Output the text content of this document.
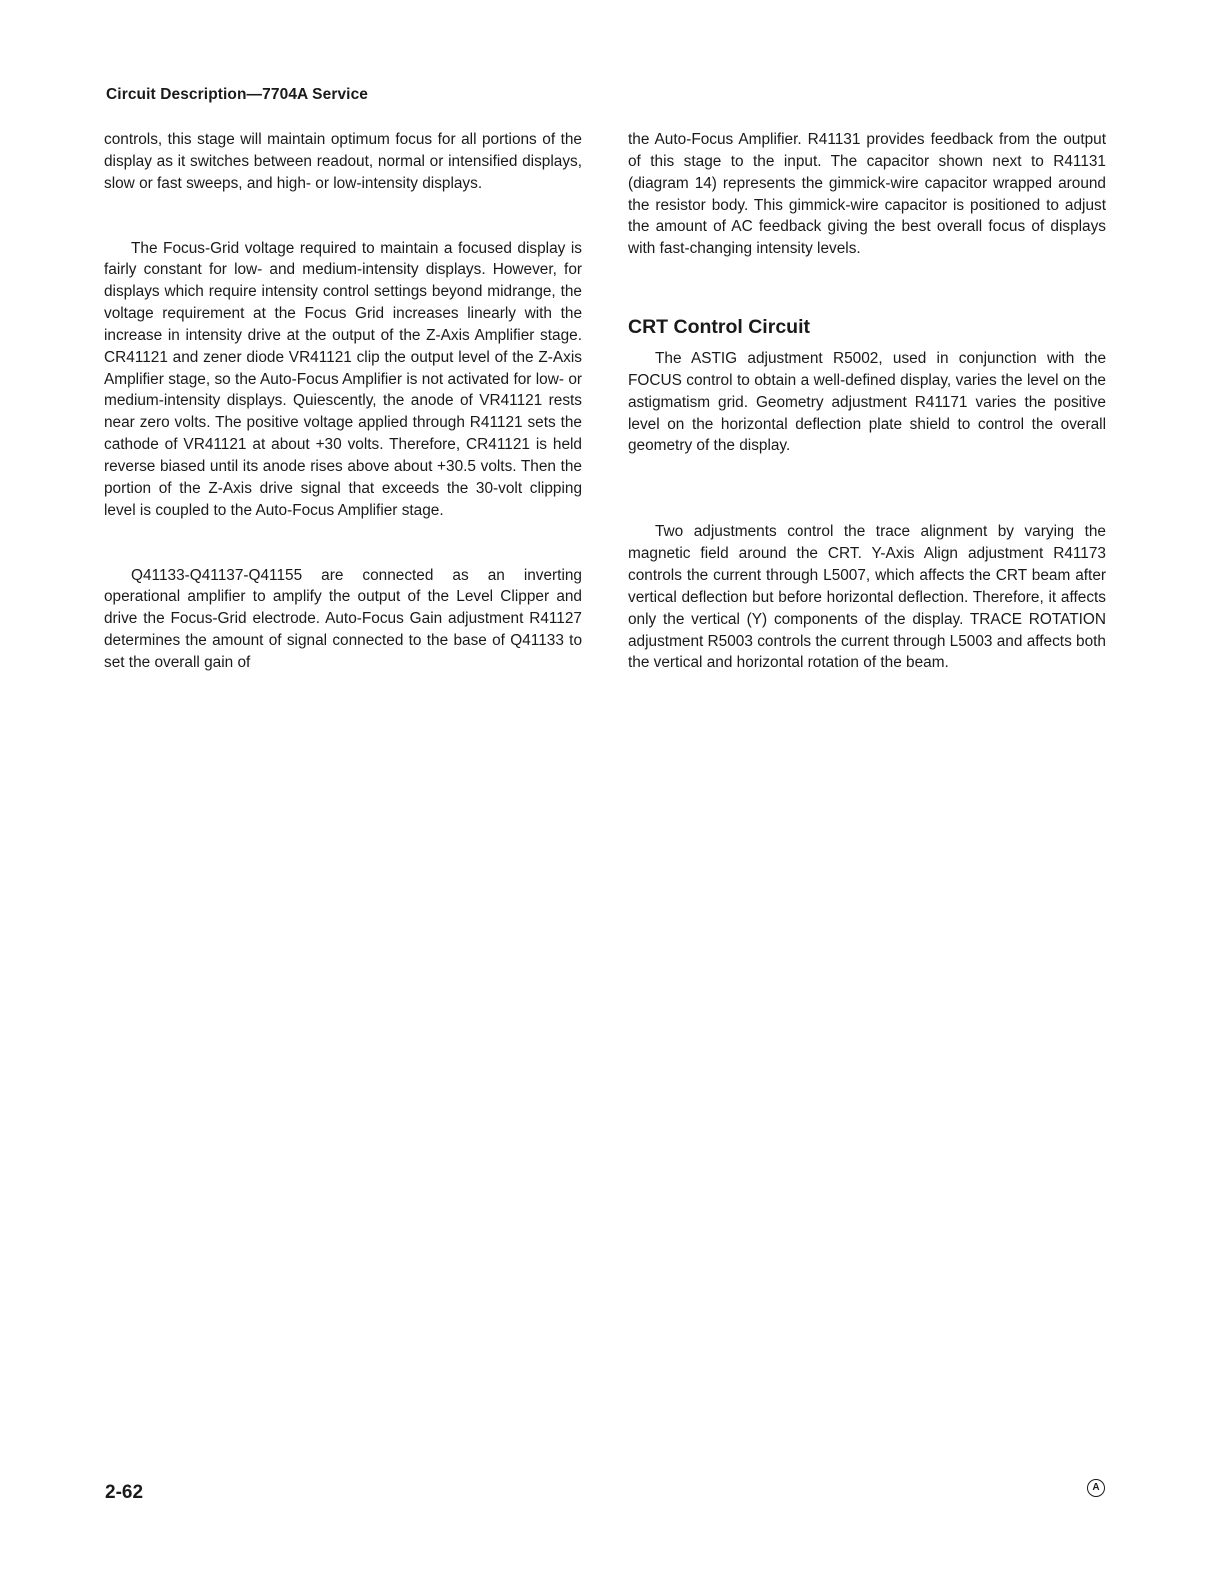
Circuit Description—7704A Service

controls, this stage will maintain optimum focus for all portions of the display as it switches between readout, normal or intensified displays, slow or fast sweeps, and high- or low-intensity displays.

The Focus-Grid voltage required to maintain a focused display is fairly constant for low- and medium-intensity displays. However, for displays which require intensity control settings beyond midrange, the voltage requirement at the Focus Grid increases linearly with the increase in intensity drive at the output of the Z-Axis Amplifier stage. CR41121 and zener diode VR41121 clip the output level of the Z-Axis Amplifier stage, so the Auto-Focus Amplifier is not activated for low- or medium-intensity displays. Quiescently, the anode of VR41121 rests near zero volts. The positive voltage applied through R41121 sets the cathode of VR41121 at about +30 volts. Therefore, CR41121 is held reverse biased until its anode rises above about +30.5 volts. Then the portion of the Z-Axis drive signal that exceeds the 30-volt clipping level is coupled to the Auto-Focus Amplifier stage.

Q41133-Q41137-Q41155 are connected as an inverting operational amplifier to amplify the output of the Level Clipper and drive the Focus-Grid electrode. Auto-Focus Gain adjustment R41127 determines the amount of signal connected to the base of Q41133 to set the overall gain of

the Auto-Focus Amplifier. R41131 provides feedback from the output of this stage to the input. The capacitor shown next to R41131 (diagram 14) represents the gimmick-wire capacitor wrapped around the resistor body. This gimmick-wire capacitor is positioned to adjust the amount of AC feedback giving the best overall focus of displays with fast-changing intensity levels.

CRT Control Circuit

The ASTIG adjustment R5002, used in conjunction with the FOCUS control to obtain a well-defined display, varies the level on the astigmatism grid. Geometry adjustment R41171 varies the positive level on the horizontal deflection plate shield to control the overall geometry of the display.

Two adjustments control the trace alignment by varying the magnetic field around the CRT. Y-Axis Align adjustment R41173 controls the current through L5007, which affects the CRT beam after vertical deflection but before horizontal deflection. Therefore, it affects only the vertical (Y) components of the display. TRACE ROTATION adjustment R5003 controls the current through L5003 and affects both the vertical and horizontal rotation of the beam.

2-62	A
